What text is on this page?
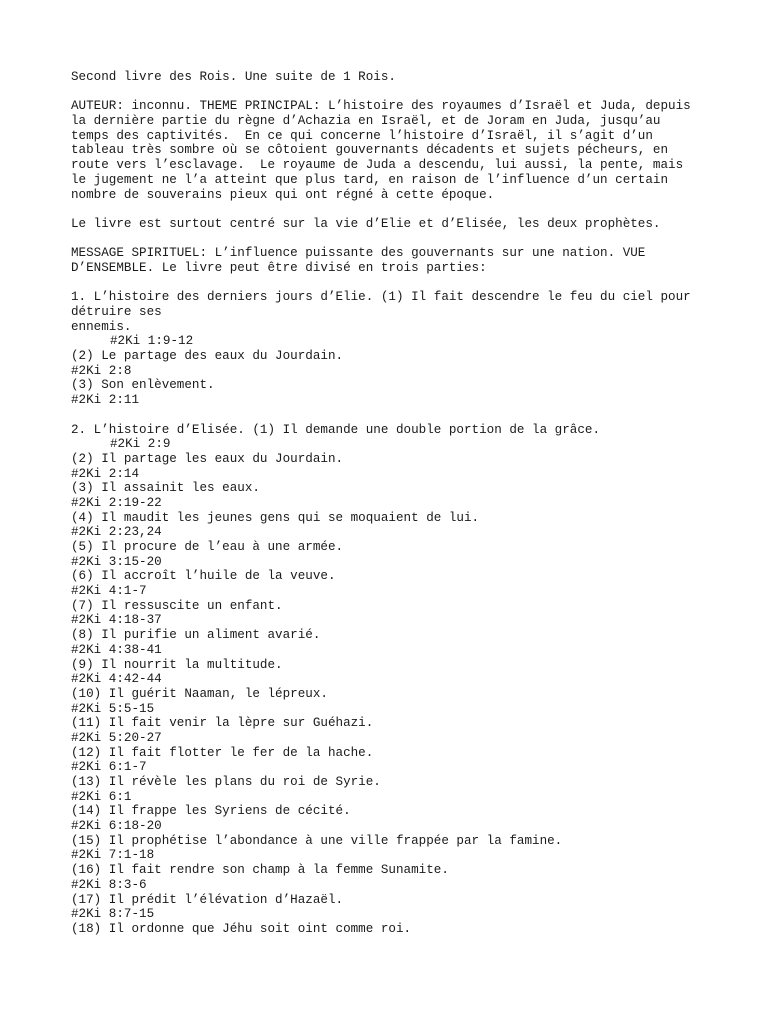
Second livre des Rois. Une suite de 1 Rois.
AUTEUR: inconnu. THEME PRINCIPAL: L’histoire des royaumes d’Israël et Juda, depuis
la dernière partie du règne d’Achazia en Israël, et de Joram en Juda, jusqu’au
temps des captivités.  En ce qui concerne l’histoire d’Israël, il s’agit d’un
tableau très sombre où se côtoient gouvernants décadents et sujets pécheurs, en
route vers l’esclavage.  Le royaume de Juda a descendu, lui aussi, la pente, mais
le jugement ne l’a atteint que plus tard, en raison de l’influence d’un certain
nombre de souverains pieux qui ont régné à cette époque.
Le livre est surtout centré sur la vie d’Elie et d’Elisée, les deux prophètes.
MESSAGE SPIRITUEL: L’influence puissante des gouvernants sur une nation. VUE
D’ENSEMBLE. Le livre peut être divisé en trois parties:
1. L’histoire des derniers jours d’Elie. (1) Il fait descendre le feu du ciel pour
détruire ses
ennemis.
#2Ki 1:9-12
(2) Le partage des eaux du Jourdain.
#2Ki 2:8
(3) Son enlèvement.
#2Ki 2:11
2. L’histoire d’Elisée. (1) Il demande une double portion de la grâce.
#2Ki 2:9
(2) Il partage les eaux du Jourdain.
#2Ki 2:14
(3) Il assainit les eaux.
#2Ki 2:19-22
(4) Il maudit les jeunes gens qui se moquaient de lui.
#2Ki 2:23,24
(5) Il procure de l’eau à une armée.
#2Ki 3:15-20
(6) Il accroît l’huile de la veuve.
#2Ki 4:1-7
(7) Il ressuscite un enfant.
#2Ki 4:18-37
(8) Il purifie un aliment avarié.
#2Ki 4:38-41
(9) Il nourrit la multitude.
#2Ki 4:42-44
(10) Il guérit Naaman, le lépreux.
#2Ki 5:5-15
(11) Il fait venir la lèpre sur Guéhazi.
#2Ki 5:20-27
(12) Il fait flotter le fer de la hache.
#2Ki 6:1-7
(13) Il révèle les plans du roi de Syrie.
#2Ki 6:1
(14) Il frappe les Syriens de cécité.
#2Ki 6:18-20
(15) Il prophétise l’abondance à une ville frappée par la famine.
#2Ki 7:1-18
(16) Il fait rendre son champ à la femme Sunamite.
#2Ki 8:3-6
(17) Il prédit l’élévation d’Hazaël.
#2Ki 8:7-15
(18) Il ordonne que Jéhu soit oint comme roi.
